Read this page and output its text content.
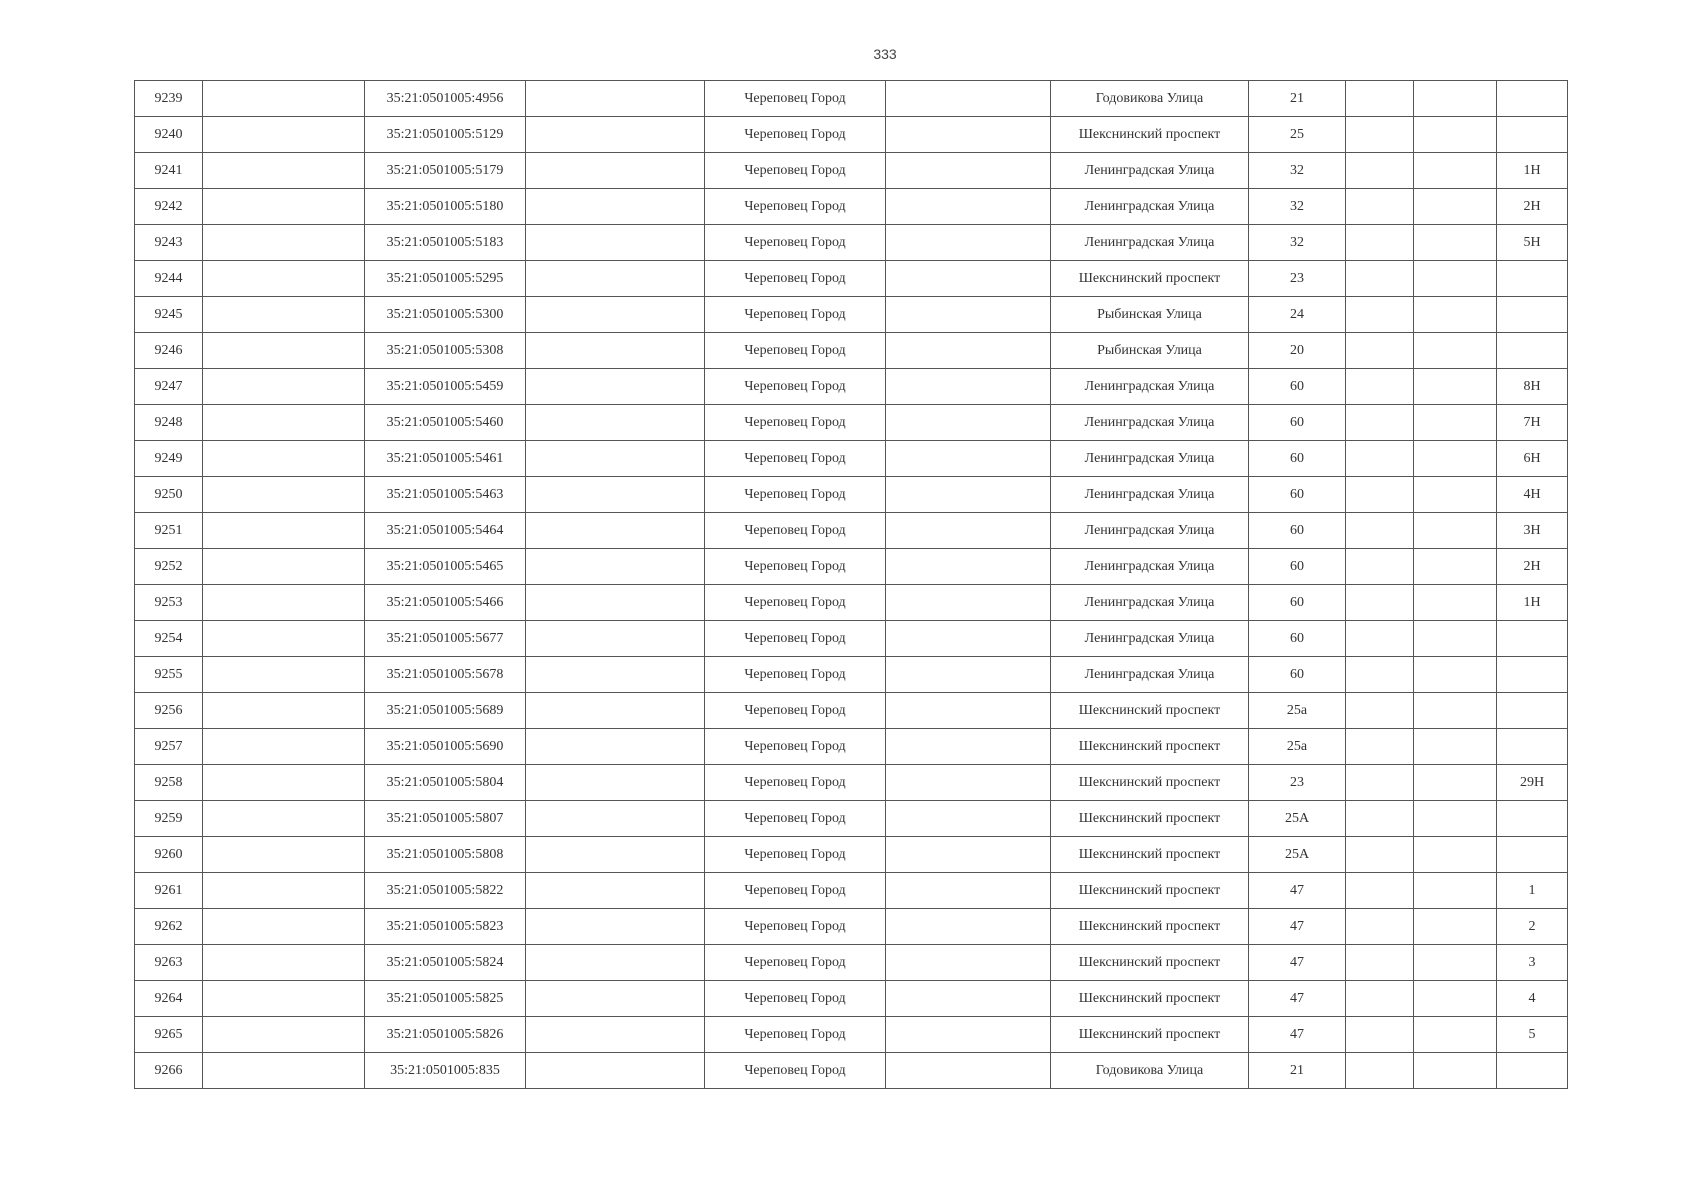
333
9239		35:21:0501005:4956		Череповец Город		Годовикова Улица	21			
9240		35:21:0501005:5129		Череповец Город		Шекснинский проспект	25			
9241		35:21:0501005:5179		Череповец Город		Ленинградская Улица	32			1Н
9242		35:21:0501005:5180		Череповец Город		Ленинградская Улица	32			2Н
9243		35:21:0501005:5183		Череповец Город		Ленинградская Улица	32			5Н
9244		35:21:0501005:5295		Череповец Город		Шекснинский проспект	23			
9245		35:21:0501005:5300		Череповец Город		Рыбинская Улица	24			
9246		35:21:0501005:5308		Череповец Город		Рыбинская Улица	20			
9247		35:21:0501005:5459		Череповец Город		Ленинградская Улица	60			8Н
9248		35:21:0501005:5460		Череповец Город		Ленинградская Улица	60			7Н
9249		35:21:0501005:5461		Череповец Город		Ленинградская Улица	60			6Н
9250		35:21:0501005:5463		Череповец Город		Ленинградская Улица	60			4Н
9251		35:21:0501005:5464		Череповец Город		Ленинградская Улица	60			3Н
9252		35:21:0501005:5465		Череповец Город		Ленинградская Улица	60			2Н
9253		35:21:0501005:5466		Череповец Город		Ленинградская Улица	60			1Н
9254		35:21:0501005:5677		Череповец Город		Ленинградская Улица	60			
9255		35:21:0501005:5678		Череповец Город		Ленинградская Улица	60			
9256		35:21:0501005:5689		Череповец Город		Шекснинский проспект	25а			
9257		35:21:0501005:5690		Череповец Город		Шекснинский проспект	25а			
9258		35:21:0501005:5804		Череповец Город		Шекснинский проспект	23			29Н
9259		35:21:0501005:5807		Череповец Город		Шекснинский проспект	25А			
9260		35:21:0501005:5808		Череповец Город		Шекснинский проспект	25А			
9261		35:21:0501005:5822		Череповец Город		Шекснинский проспект	47			1
9262		35:21:0501005:5823		Череповец Город		Шекснинский проспект	47			2
9263		35:21:0501005:5824		Череповец Город		Шекснинский проспект	47			3
9264		35:21:0501005:5825		Череповец Город		Шекснинский проспект	47			4
9265		35:21:0501005:5826		Череповец Город		Шекснинский проспект	47			5
9266		35:21:0501005:835		Череповец Город		Годовикова Улица	21			
